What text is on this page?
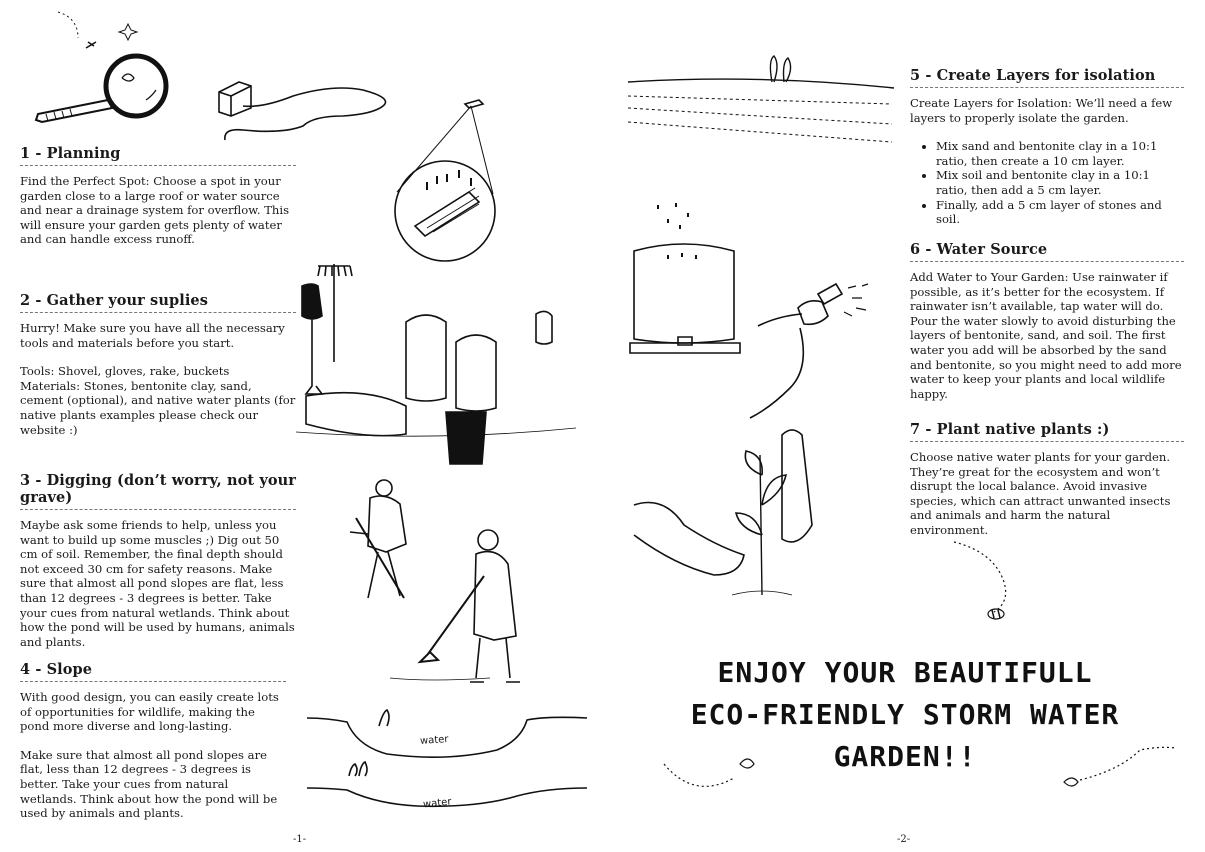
1 - Planning

Find the Perfect Spot: Choose a spot in your garden close to a large roof or water source and near a drainage system for overflow. This will ensure your garden gets plenty of water and can handle excess runoff.

2 - Gather your suplies

Hurry! Make sure you have all the necessary tools and materials before you start.

Tools: Shovel, gloves, rake, buckets

Materials: Stones, bentonite clay, sand, cement (optional), and native water plants (for native plants examples please check our website :)

3 - Digging (don’t worry, not your grave)

Maybe ask some friends to help, unless you want to build up some muscles ;) Dig out 50 cm of soil. Remember, the final depth should not exceed 30 cm for safety reasons. Make sure that almost all pond slopes are flat, less than 12 degrees - 3 degrees is better. Take your cues from natural wetlands. Think about how the pond will be used by humans, animals and plants.

4 - Slope

With good design, you can easily create lots of opportunities for wildlife, making the pond more diverse and long-lasting.

Make sure that almost all pond slopes are flat, less than 12 degrees - 3 degrees is better. Take your cues from natural wetlands. Think about how the pond will be used by animals and plants.

-1-
water
water
5 - Create Layers for isolation

Create Layers for Isolation: We’ll need a few layers to properly isolate the garden.

• Mix sand and bentonite clay in a 10:1 ratio, then create a 10 cm layer.
• Mix soil and bentonite clay in a 10:1 ratio, then add a 5 cm layer.
• Finally, add a 5 cm layer of stones and soil.
6 - Water Source

Add Water to Your Garden: Use rainwater if possible, as it’s better for the ecosystem. If rainwater isn’t available, tap water will do. Pour the water slowly to avoid disturbing the layers of bentonite, sand, and soil. The first water you add will be absorbed by the sand and bentonite, so you might need to add more water to keep your plants and local wildlife happy.

7 - Plant native plants :)

Choose native water plants for your garden. They’re great for the ecosystem and won’t disrupt the local balance. Avoid invasive species, which can attract unwanted insects and animals and harm the natural environment.

ENJOY YOUR BEAUTIFULL
ECO-FRIENDLY STORM WATER
GARDEN!!
-2-
